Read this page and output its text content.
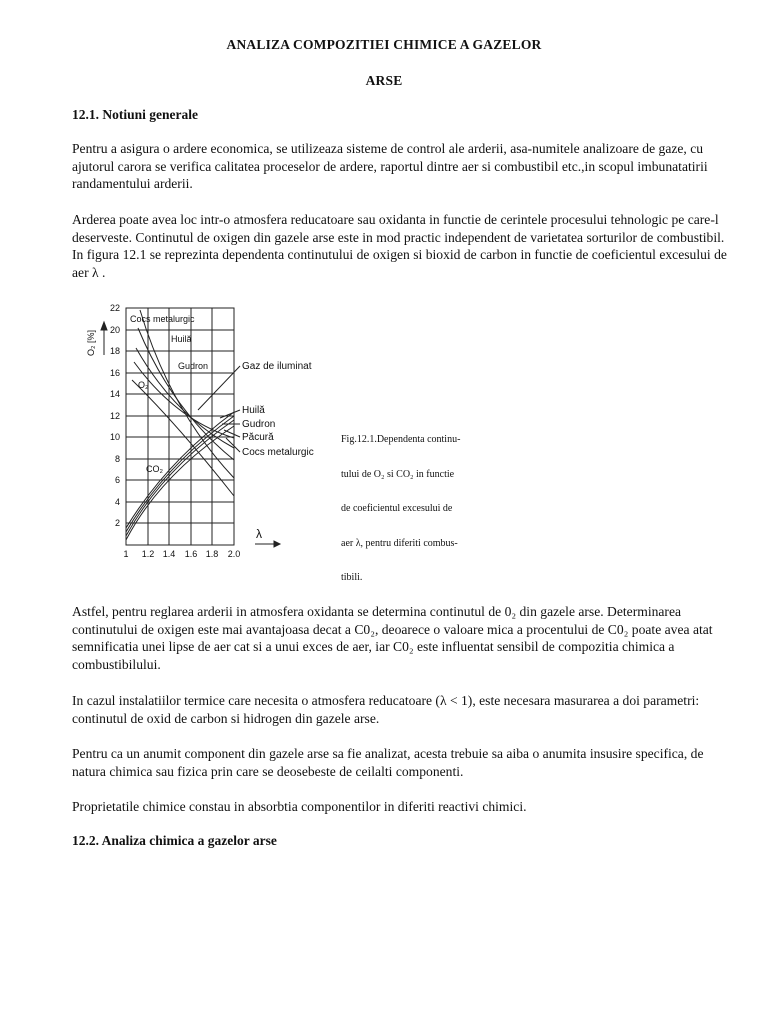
ANALIZA COMPOZITIEI CHIMICE A GAZELOR
ARSE
12.1. Notiuni generale
Pentru a asigura o ardere economica, se utilizeaza sisteme de control ale arderii, asa-numitele analizoare de gaze, cu ajutorul carora se verifica calitatea proceselor de ardere, raportul dintre aer si combustibil etc.,in scopul imbunatatirii randamentului arderii.
Arderea poate avea loc intr-o atmosfera reducatoare sau oxidanta in functie de cerintele procesului tehnologic pe care-l deserveste. Continutul de oxigen din gazele arse este in mod practic independent de varietatea sorturilor de combustibil. In figura 12.1 se reprezinta dependenta continutului de oxigen si bioxid de carbon in functie de coeficientul excesului de aer λ .
22
20
18
16
14
12
10
8
6
4
2
1 1.2 1.4 1.6 1.8 2.0
O₂ [%]
λ
Cocs metalurgic
Huilă
Gudron
O₂
CO₂
Gaz de iluminat
Huilă
Gudron
Păcură
Cocs metalurgic
Fig.12.1.Dependenta continu-
tului de O₂ si CO₂ in functie
de coeficientul excesului de
aer λ, pentru diferiti combus-
tibili.
Astfel, pentru reglarea arderii in atmosfera oxidanta se determina continutul de 0₂ din gazele arse. Determinarea continutului de oxigen este mai avantajoasa decat a C0₂, deoarece o valoare mica a procentului de C0₂ poate avea atat semnificatia unei lipse de aer cat si a unui exces de aer, iar C0₂ este influentat sensibil de compozitia chimica a combustibilului.
In cazul instalatiilor termice care necesita o atmosfera reducatoare (λ < 1), este necesara masurarea a doi parametri: continutul de oxid de carbon si hidrogen din gazele arse.
Pentru ca un anumit component din gazele arse sa fie analizat, acesta trebuie sa aiba o anumita insusire specifica, de natura chimica sau fizica prin care se deosebeste de ceilalti componenti.
Proprietatile chimice constau in absorbtia componentilor in diferiti reactivi chimici.
12.2. Analiza chimica a gazelor arse
